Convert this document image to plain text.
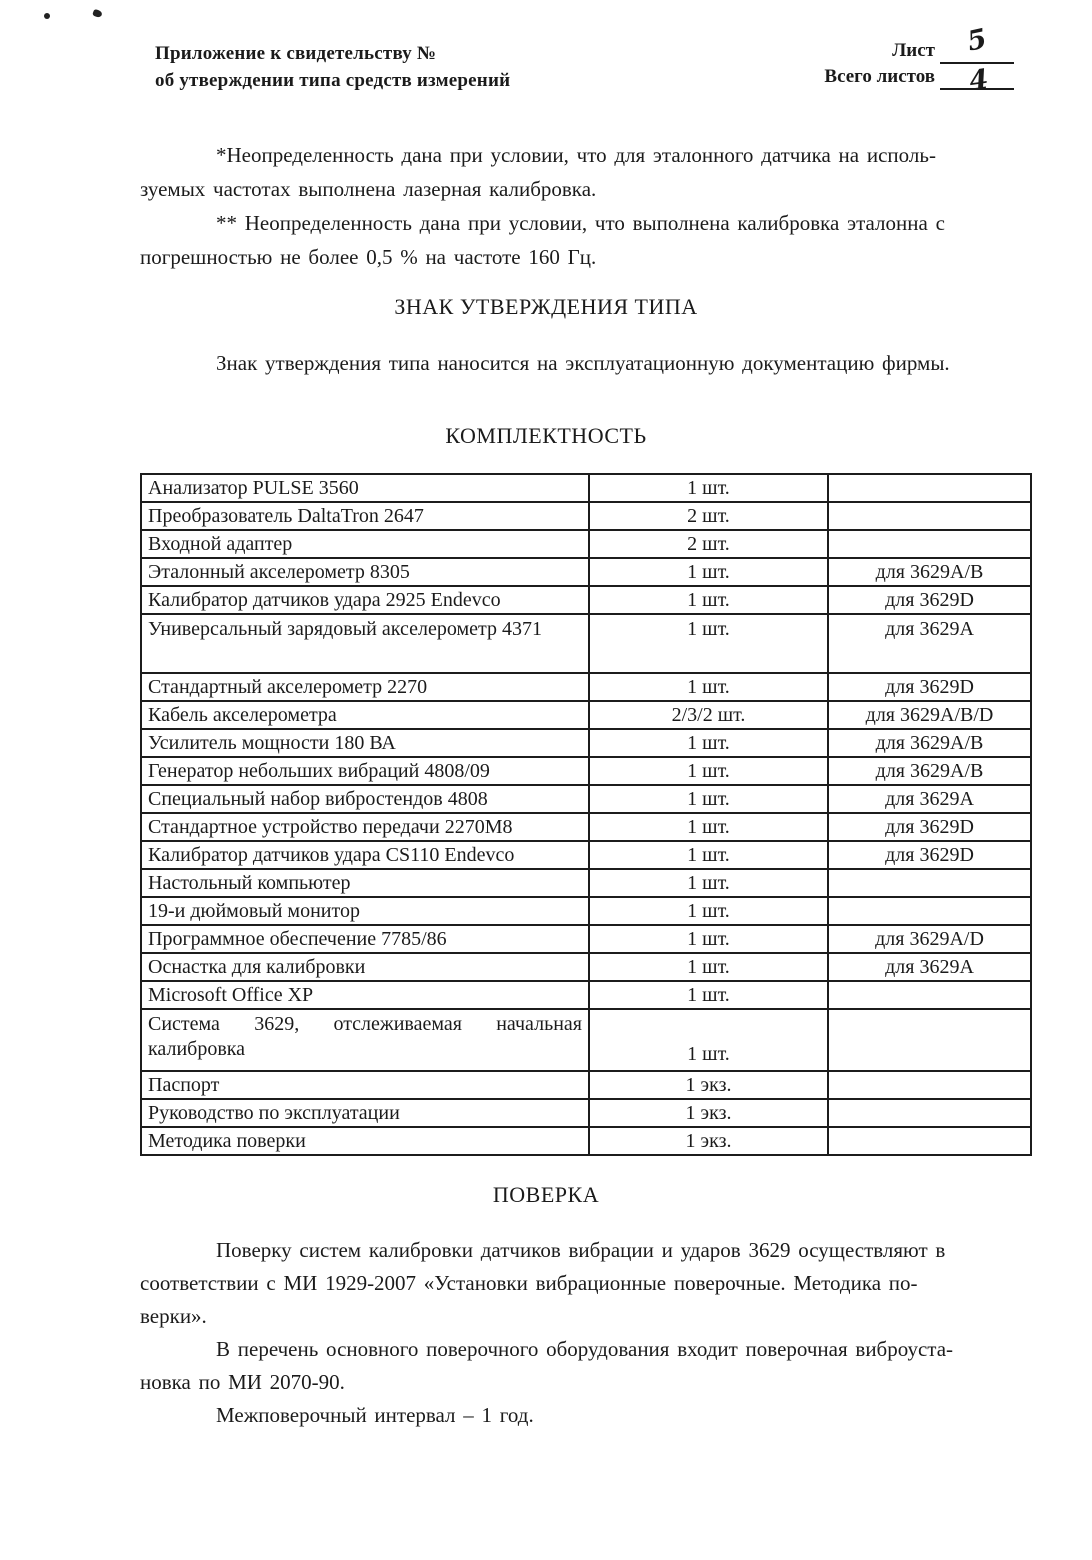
Приложение к свидетельству №
об утверждении типа средств измерений
Лист 5
Всего листов 4
*Неопределенность дана при условии, что для эталонного датчика на исполь-
зуемых частотах выполнена лазерная калибровка.
** Неопределенность дана при условии, что выполнена калибровка эталонна с
погрешностью не более 0,5 % на частоте 160 Гц.
ЗНАК УТВЕРЖДЕНИЯ ТИПА
Знак утверждения типа наносится на эксплуатационную документацию фирмы.
КОМПЛЕКТНОСТЬ
Анализатор PULSE 3560	1 шт.	
Преобразователь DaltaTron 2647	2 шт.	
Входной адаптер	2 шт.	
Эталонный акселерометр 8305	1 шт.	для 3629А/В
Калибратор датчиков удара 2925 Endevco	1 шт.	для 3629D
Универсальный зарядовый акселерометр 4371	1 шт.	для 3629А
Стандартный акселерометр 2270	1 шт.	для 3629D
Кабель акселерометра	2/3/2 шт.	для 3629А/В/D
Усилитель мощности 180 ВА	1 шт.	для 3629А/В
Генератор небольших вибраций 4808/09	1 шт.	для 3629А/В
Специальный набор вибростендов 4808	1 шт.	для 3629А
Стандартное устройство передачи 2270М8	1 шт.	для 3629D
Калибратор датчиков удара CS110 Endevco	1 шт.	для 3629D
Настольный компьютер	1 шт.	
19-и дюймовый монитор	1 шт.	
Программное обеспечение 7785/86	1 шт.	для 3629А/D
Оснастка для калибровки	1 шт.	для 3629А
Microsoft Office XP	1 шт.	
Система 3629, отслеживаемая начальная калибровка	1 шт.	
Паспорт	1 экз.	
Руководство по эксплуатации	1 экз.	
Методика поверки	1 экз.	
ПОВЕРКА
Поверку систем калибровки датчиков вибрации и ударов 3629 осуществляют в
соответствии с МИ 1929-2007 «Установки вибрационные поверочные. Методика по-
верки».
В перечень основного поверочного оборудования входит поверочная виброуста-
новка по МИ 2070-90.
Межповерочный интервал – 1 год.
